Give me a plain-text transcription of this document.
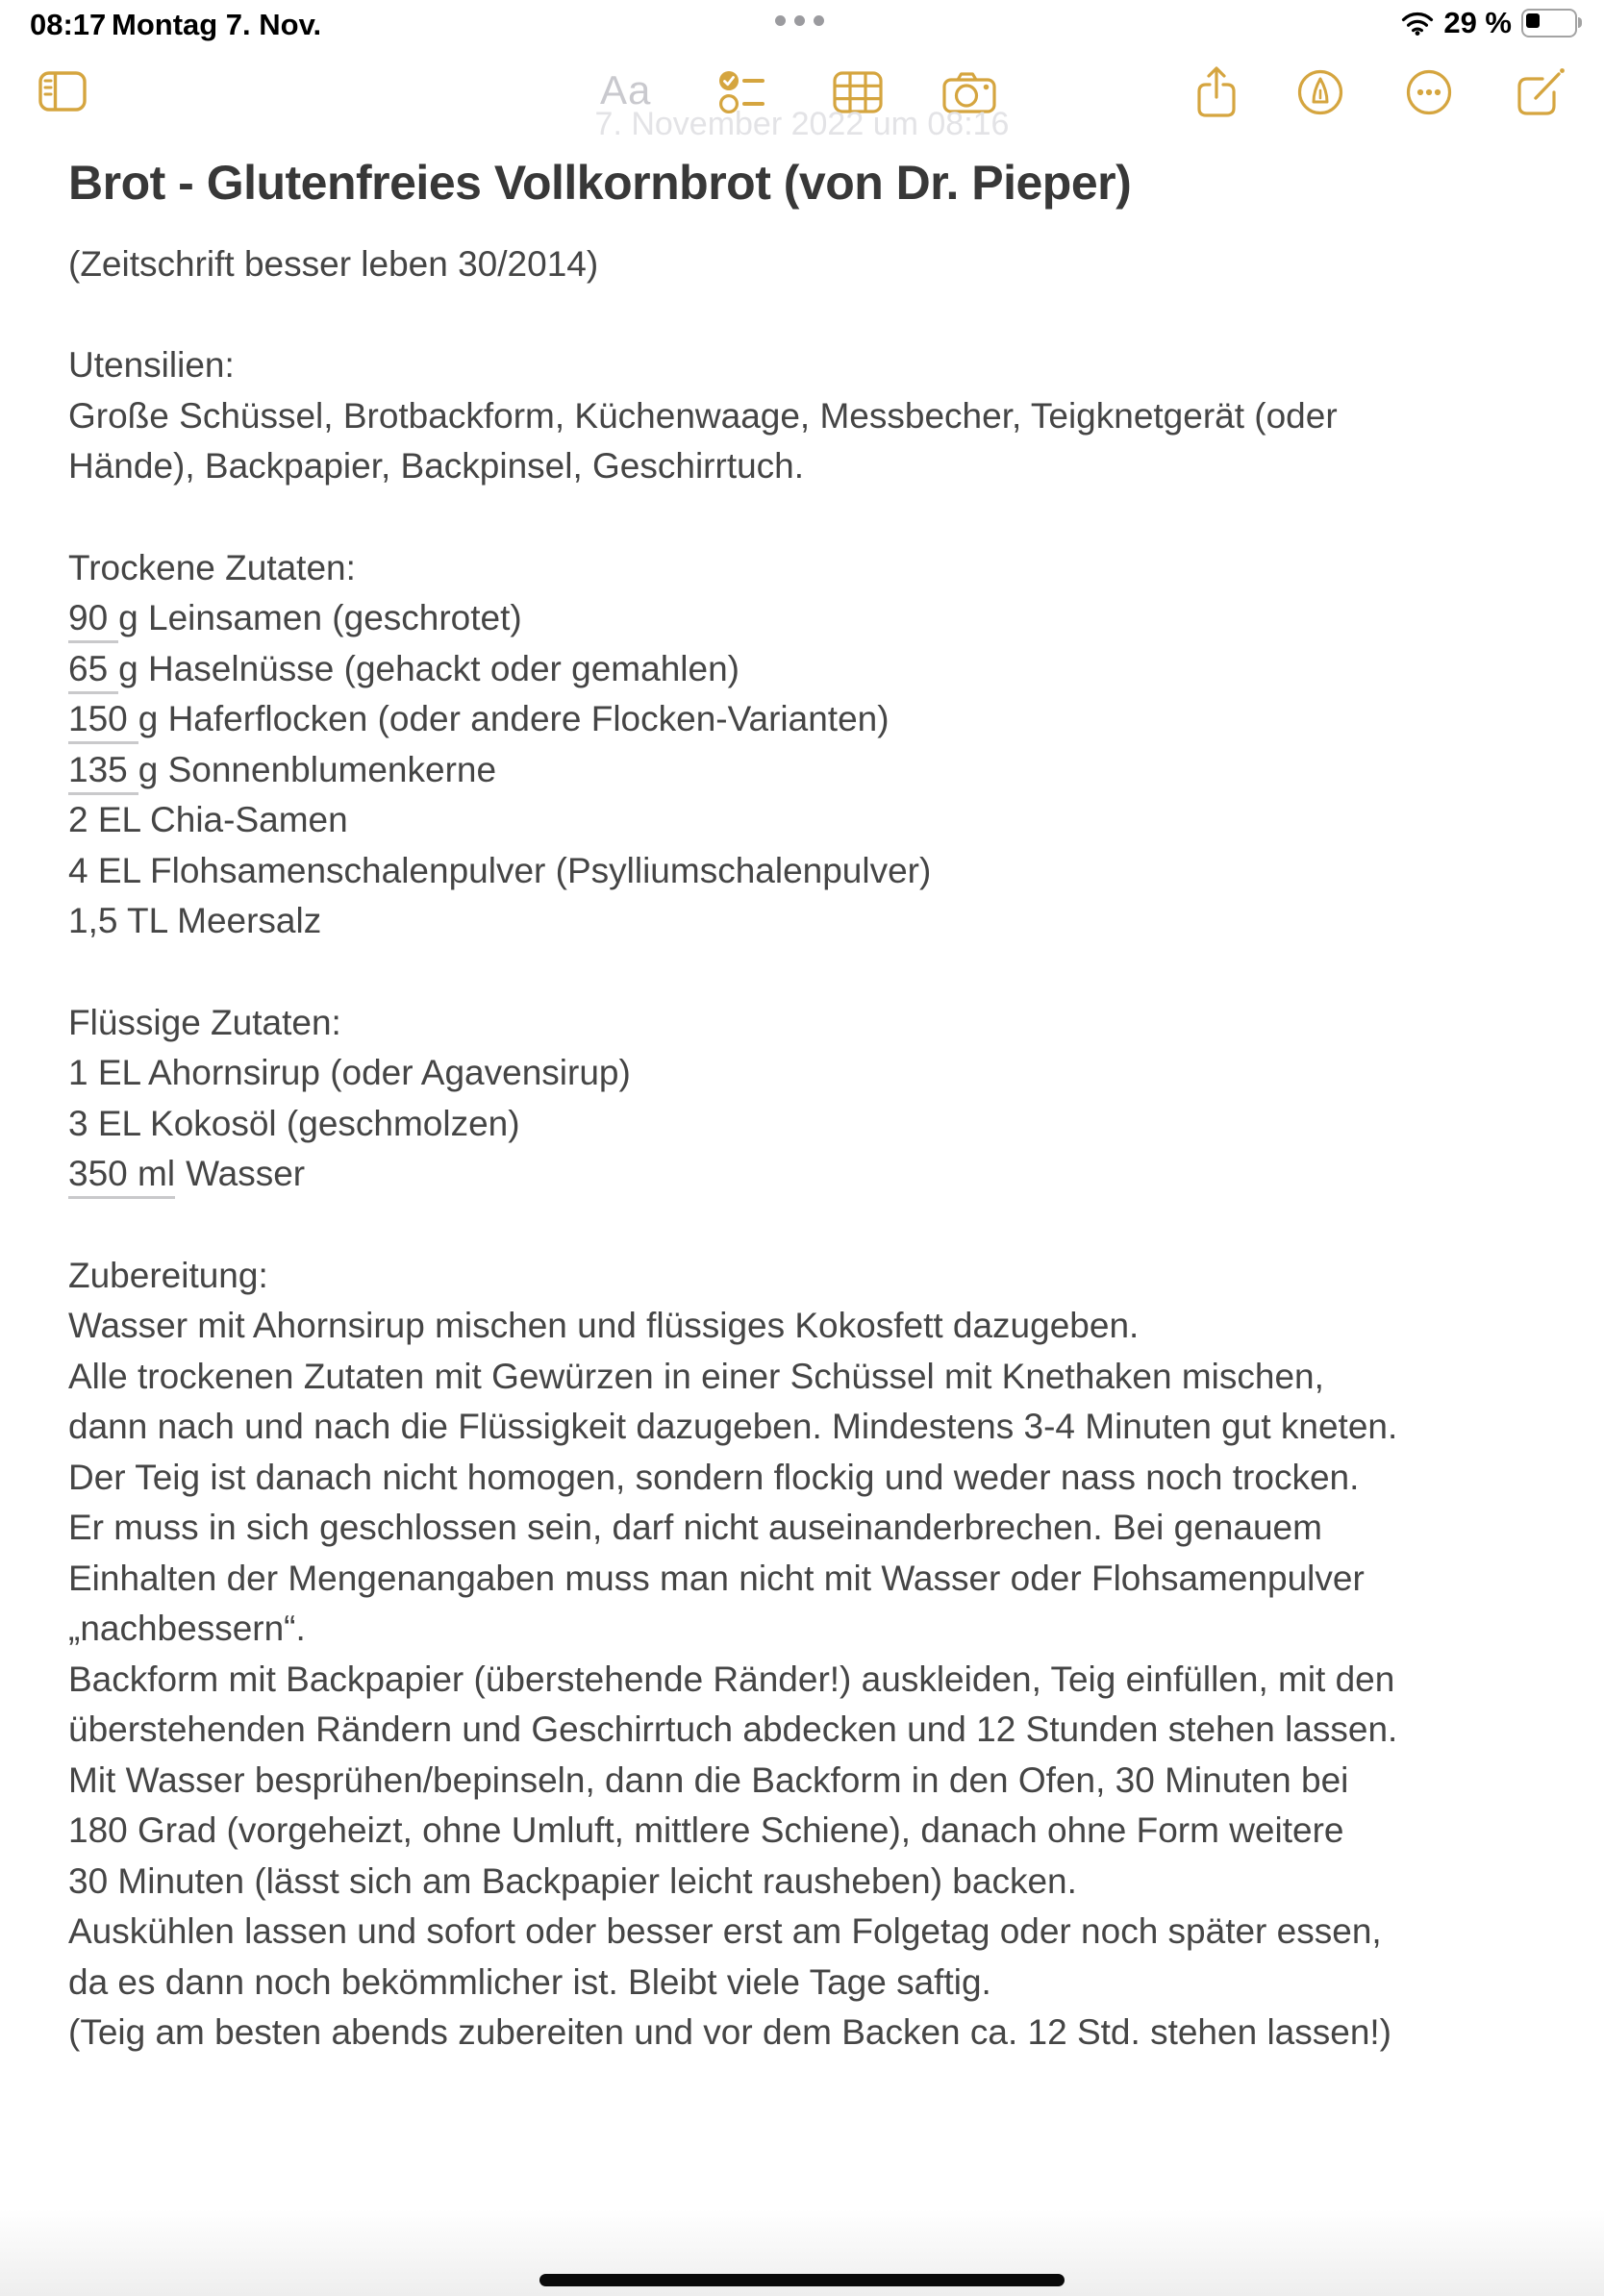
08:17 Montag 7. Nov.	29 %
Aa
7. November 2022 um 08:16
Brot - Glutenfreies Vollkornbrot (von Dr. Pieper)
(Zeitschrift besser leben 30/2014)
Utensilien:
Große Schüssel, Brotbackform, Küchenwaage, Messbecher, Teigknetgerät (oder
Hände), Backpapier, Backpinsel, Geschirrtuch.
Trockene Zutaten:
90 g Leinsamen (geschrotet)
65 g Haselnüsse (gehackt oder gemahlen)
150 g Haferflocken (oder andere Flocken-Varianten)
135 g Sonnenblumenkerne
2 EL Chia-Samen
4 EL Flohsamenschalenpulver (Psylliumschalenpulver)
1,5 TL Meersalz
Flüssige Zutaten:
1 EL Ahornsirup (oder Agavensirup)
3 EL Kokosöl (geschmolzen)
350 ml Wasser
Zubereitung:
Wasser mit Ahornsirup mischen und flüssiges Kokosfett dazugeben.
Alle trockenen Zutaten mit Gewürzen in einer Schüssel mit Knethaken mischen,
dann nach und nach die Flüssigkeit dazugeben. Mindestens 3-4 Minuten gut kneten.
Der Teig ist danach nicht homogen, sondern flockig und weder nass noch trocken.
Er muss in sich geschlossen sein, darf nicht auseinanderbrechen. Bei genauem
Einhalten der Mengenangaben muss man nicht mit Wasser oder Flohsamenpulver
„nachbessern“.
Backform mit Backpapier (überstehende Ränder!) auskleiden, Teig einfüllen, mit den
überstehenden Rändern und Geschirrtuch abdecken und 12 Stunden stehen lassen.
Mit Wasser besprühen/bepinseln, dann die Backform in den Ofen, 30 Minuten bei
180 Grad (vorgeheizt, ohne Umluft, mittlere Schiene), danach ohne Form weitere
30 Minuten (lässt sich am Backpapier leicht rausheben) backen.
Auskühlen lassen und sofort oder besser erst am Folgetag oder noch später essen,
da es dann noch bekömmlicher ist. Bleibt viele Tage saftig.
(Teig am besten abends zubereiten und vor dem Backen ca. 12 Std. stehen lassen!)
